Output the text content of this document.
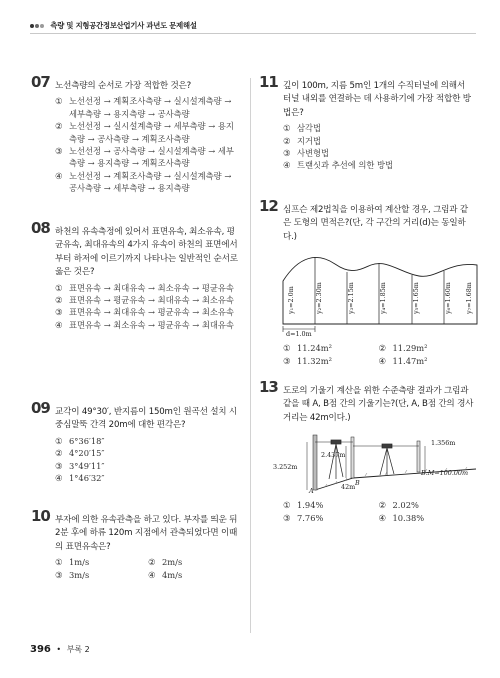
측량 및 지형공간정보산업기사 과년도 문제해설
07 노선측량의 순서로 가장 적합한 것은?
① 노선선정 → 계획조사측량 → 실시설계측량 → 세부측량 → 용지측량 → 공사측량
② 노선선정 → 실시설계측량 → 세부측량 → 용지측량 → 공사측량 → 계획조사측량
③ 노선선정 → 공사측량 → 실시설계측량 → 세부측량 → 용지측량 → 계획조사측량
④ 노선선정 → 계획조사측량 → 실시설계측량 → 공사측량 → 세부측량 → 용지측량
08 하천의 유속측정에 있어서 표면유속, 최소유속, 평균유속, 최대유속의 4가지 유속이 하천의 표면에서부터 하저에 이르기까지 나타나는 일반적인 순서로 옳은 것은?
① 표면유속 → 최대유속 → 최소유속 → 평균유속
② 표면유속 → 평균유속 → 최대유속 → 최소유속
③ 표면유속 → 최대유속 → 평균유속 → 최소유속
④ 표면유속 → 최소유속 → 평균유속 → 최대유속
09 교각이 49°30′, 반지름이 150m인 원곡선 설치 시 중심말뚝 간격 20m에 대한 편각은?
① 6°36′18″
② 4°20′15″
③ 3°49′11″
④ 1°46′32″
10 부자에 의한 유속관측을 하고 있다. 부자를 띄운 뒤 2분 후에 하류 120m 지점에서 관측되었다면 이때의 표면유속은?
① 1m/s	② 2m/s
③ 3m/s	④ 4m/s
11 깊이 100m, 지름 5m인 1개의 수직터널에 의해서 터널 내외를 연결하는 데 사용하기에 가장 적합한 방법은?
① 삼각법
② 지거법
③ 사변형법
④ 트랜싯과 추선에 의한 방법
12 심프슨 제2법칙을 이용하여 계산할 경우, 그림과 같은 도형의 면적은?(단, 각 구간의 거리(d)는 동일하다.)
y₁=2.0m	y₂=2.30m	y₃=2.15m	y₄=1.85m	y₅=1.65m	y₆=1.60m y₇=1.68m
d=1.0m
① 11.24m²	② 11.29m²
③ 11.32m²	④ 11.47m²
13 도로의 기울기 계산을 위한 수준측량 결과가 그림과 같을 때 A, B점 간의 기울기는?(단, A, B점 간의 경사거리는 42m이다.)
3.252m
2.437m
1.356m
B.M=100.00m
42m
A
B
① 1.94%	② 2.02%
③ 7.76%	④ 10.38%
396 • 부록 2
